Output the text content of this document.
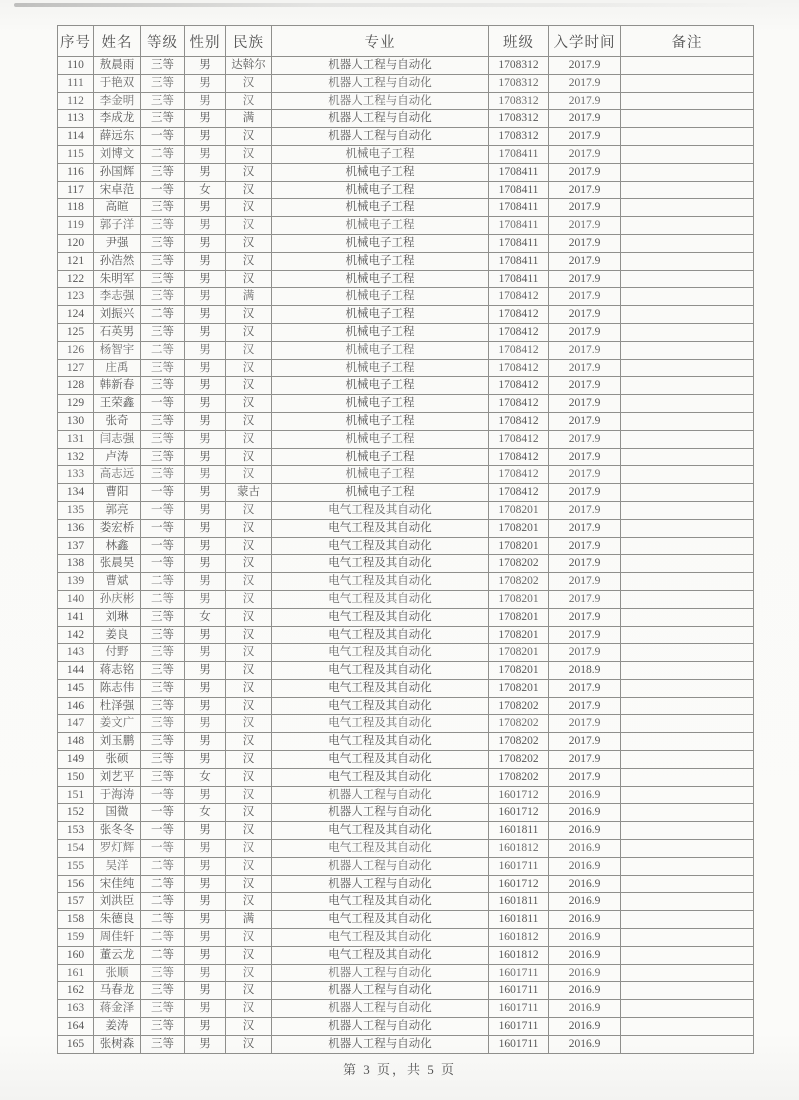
序号	姓名	等级	性别	民族	专业	班级	入学时间	备注
110	敖晨雨	三等	男	达斡尔	机器人工程与自动化	1708312	2017.9	
111	于艳双	三等	男	汉	机器人工程与自动化	1708312	2017.9	
112	李金明	三等	男	汉	机器人工程与自动化	1708312	2017.9	
113	李成龙	三等	男	满	机器人工程与自动化	1708312	2017.9	
114	薛远东	一等	男	汉	机器人工程与自动化	1708312	2017.9	
115	刘博文	二等	男	汉	机械电子工程	1708411	2017.9	
116	孙国辉	三等	男	汉	机械电子工程	1708411	2017.9	
117	宋卓范	一等	女	汉	机械电子工程	1708411	2017.9	
118	高暄	三等	男	汉	机械电子工程	1708411	2017.9	
119	郭子洋	三等	男	汉	机械电子工程	1708411	2017.9	
120	尹强	三等	男	汉	机械电子工程	1708411	2017.9	
121	孙浩然	三等	男	汉	机械电子工程	1708411	2017.9	
122	朱明军	三等	男	汉	机械电子工程	1708411	2017.9	
123	李志强	三等	男	满	机械电子工程	1708412	2017.9	
124	刘振兴	二等	男	汉	机械电子工程	1708412	2017.9	
125	石英男	三等	男	汉	机械电子工程	1708412	2017.9	
126	杨智宇	二等	男	汉	机械电子工程	1708412	2017.9	
127	庄禹	三等	男	汉	机械电子工程	1708412	2017.9	
128	韩新春	三等	男	汉	机械电子工程	1708412	2017.9	
129	王荣鑫	一等	男	汉	机械电子工程	1708412	2017.9	
130	张奇	三等	男	汉	机械电子工程	1708412	2017.9	
131	闫志强	三等	男	汉	机械电子工程	1708412	2017.9	
132	卢涛	三等	男	汉	机械电子工程	1708412	2017.9	
133	高志远	三等	男	汉	机械电子工程	1708412	2017.9	
134	曹阳	一等	男	蒙古	机械电子工程	1708412	2017.9	
135	郭亮	一等	男	汉	电气工程及其自动化	1708201	2017.9	
136	娄宏桥	一等	男	汉	电气工程及其自动化	1708201	2017.9	
137	林鑫	一等	男	汉	电气工程及其自动化	1708201	2017.9	
138	张晨昊	一等	男	汉	电气工程及其自动化	1708202	2017.9	
139	曹斌	二等	男	汉	电气工程及其自动化	1708202	2017.9	
140	孙庆彬	二等	男	汉	电气工程及其自动化	1708201	2017.9	
141	刘琳	三等	女	汉	电气工程及其自动化	1708201	2017.9	
142	姜良	三等	男	汉	电气工程及其自动化	1708201	2017.9	
143	付野	三等	男	汉	电气工程及其自动化	1708201	2017.9	
144	蒋志铭	三等	男	汉	电气工程及其自动化	1708201	2018.9	
145	陈志伟	三等	男	汉	电气工程及其自动化	1708201	2017.9	
146	杜泽强	三等	男	汉	电气工程及其自动化	1708202	2017.9	
147	姜文广	三等	男	汉	电气工程及其自动化	1708202	2017.9	
148	刘玉鹏	三等	男	汉	电气工程及其自动化	1708202	2017.9	
149	张硕	三等	男	汉	电气工程及其自动化	1708202	2017.9	
150	刘艺平	三等	女	汉	电气工程及其自动化	1708202	2017.9	
151	于海涛	一等	男	汉	机器人工程与自动化	1601712	2016.9	
152	国微	一等	女	汉	机器人工程与自动化	1601712	2016.9	
153	张冬冬	一等	男	汉	电气工程及其自动化	1601811	2016.9	
154	罗灯辉	一等	男	汉	电气工程及其自动化	1601812	2016.9	
155	吴洋	二等	男	汉	机器人工程与自动化	1601711	2016.9	
156	宋佳纯	二等	男	汉	机器人工程与自动化	1601712	2016.9	
157	刘洪臣	二等	男	汉	电气工程及其自动化	1601811	2016.9	
158	朱德良	二等	男	满	电气工程及其自动化	1601811	2016.9	
159	周佳轩	二等	男	汉	电气工程及其自动化	1601812	2016.9	
160	董云龙	二等	男	汉	电气工程及其自动化	1601812	2016.9	
161	张顺	三等	男	汉	机器人工程与自动化	1601711	2016.9	
162	马春龙	三等	男	汉	机器人工程与自动化	1601711	2016.9	
163	蒋金泽	三等	男	汉	机器人工程与自动化	1601711	2016.9	
164	姜涛	三等	男	汉	机器人工程与自动化	1601711	2016.9	
165	张树森	三等	男	汉	机器人工程与自动化	1601711	2016.9	
第 3 页，共 5 页
